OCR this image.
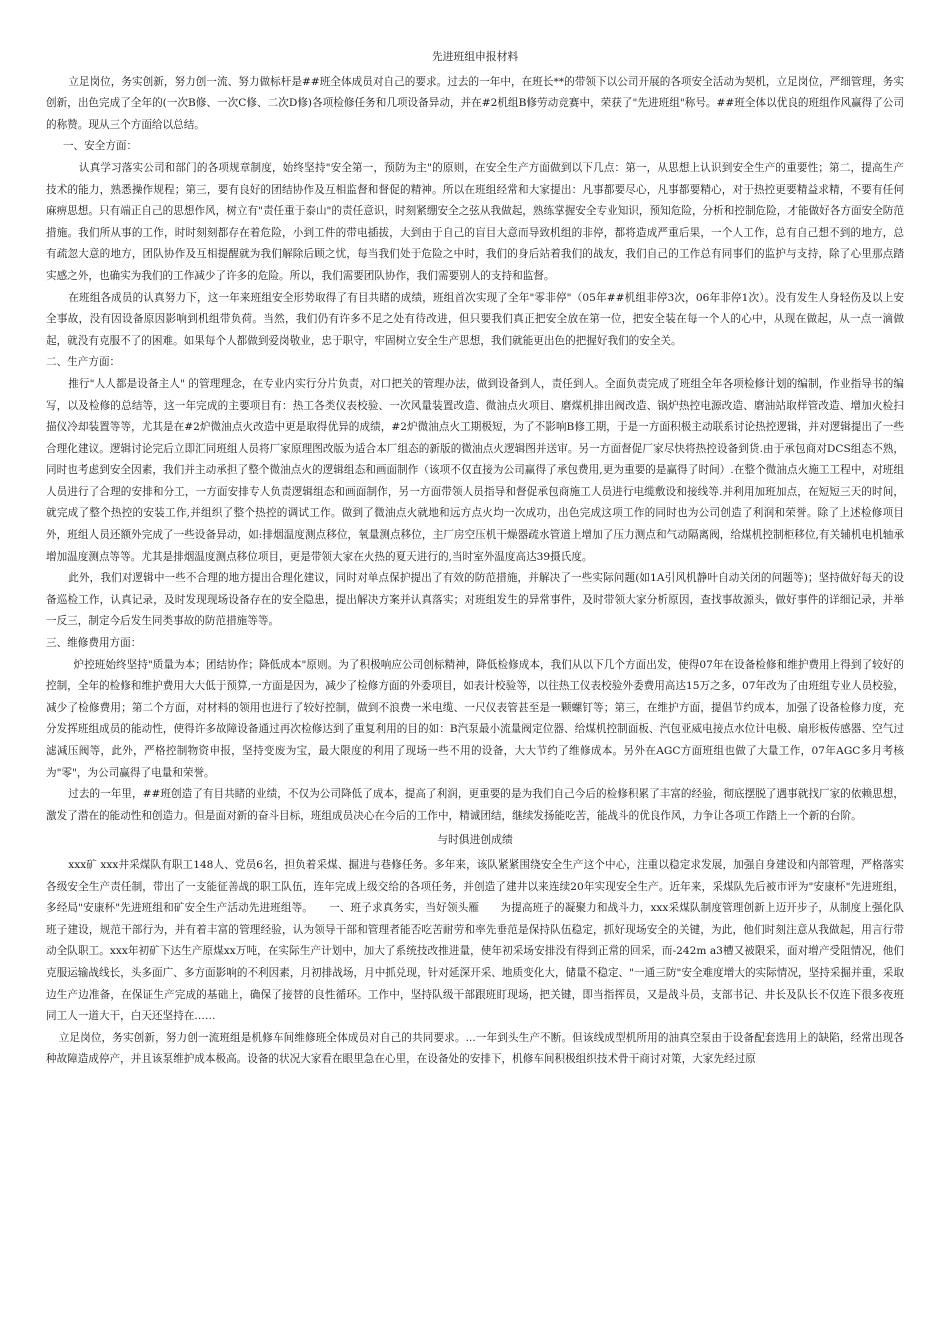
先进班组申报材料

立足岗位，务实创新，努力创一流、努力做标杆是##班全体成员对自己的要求。过去的一年中，在班长**的带领下以公司开展的各项安全活动为契机，立足岗位，严细管理，务实创新，出色完成了全年的(一次B修、一次C修、二次D修)各项检修任务和几项设备异动，并在#2机组B修劳动竞赛中，荣获了"先进班组"称号。##班全体以优良的班组作风赢得了公司的称赞。现从三个方面给以总结。

一、安全方面：

认真学习落实公司和部门的各项规章制度，始终坚持"安全第一，预防为主"的原则，在安全生产方面做到以下几点：第一，从思想上认识到安全生产的重要性；第二，提高生产技术的能力，熟悉操作规程；第三，要有良好的团结协作及互相监督和督促的精神。所以在班组经常和大家提出：凡事都要尽心，凡事都要精心，对于热控更要精益求精，不要有任何麻痹思想。只有端正自己的思想作风，树立有"责任重于泰山"的责任意识，时刻紧绷安全之弦从我做起，熟练掌握安全专业知识，预知危险，分析和控制危险，才能做好各方面安全防范措施。我们所从事的工作，时时刻刻都存在着危险，小到工件的带电插拔，大到由于自己的盲目大意而导致机组的非停，都将造成严重后果，一个人工作，总有自己想不到的地方，总有疏忽大意的地方，团队协作及互相提醒就为我们解除后顾之忧，每当我们处于危险之中时，我们的身后站着我们的战友，我们自己的工作总有同事们的监护与支持，除了心里那点踏实感之外，也确实为我们的工作减少了许多的危险。所以，我们需要团队协作，我们需要别人的支持和监督。

在班组各成员的认真努力下，这一年来班组安全形势取得了有目共睹的成绩，班组首次实现了全年"零非停"（05年##机组非停3次，06年非停1次）。没有发生人身轻伤及以上安全事故，没有因设备原因影响到机组带负荷。当然，我们仍有许多不足之处有待改进，但只要我们真正把安全放在第一位，把安全装在每一个人的心中，从现在做起，从一点一滴做起，就没有克服不了的困难。如果每个人都做到爱岗敬业，忠于职守，牢固树立安全生产思想，我们就能更出色的把握好我们的安全关。

二、生产方面：

推行"人人都是设备主人" 的管理理念，在专业内实行分片负责，对口把关的管理办法，做到设备到人，责任到人。全面负责完成了班组全年各项检修计划的编制，作业指导书的编写，以及检修的总结等，这一年完成的主要项目有：热工各类仪表校验、一次风量装置改造、微油点火项目、磨煤机排出阀改造、锅炉热控电源改造、磨油站取样管改造、增加火检扫描仪冷却装置等等，尤其是在#2炉微油点火改造中更是取得优异的成绩，#2炉微油点火工期极短，为了不影响B修工期，于是一方面积极主动联系讨论热控逻辑，并对逻辑提出了一些合理化建议。逻辑讨论完后立即汇同班组人员将厂家原理图改版为适合本厂组态的新版的微油点火逻辑图并送审。另一方面督促厂家尽快将热控设备到货.由于承包商对DCS组态不熟，同时也考虑到安全因素，我们并主动承担了整个微油点火的逻辑组态和画面制作（该项不仅直接为公司赢得了承包费用,更为重要的是赢得了时间）.在整个微油点火施工工程中，对班组人员进行了合理的安排和分工，一方面安排专人负责逻辑组态和画面制作，另一方面带领人员指导和督促承包商施工人员进行电缆敷设和接线等.并利用加班加点，在短短三天的时间，就完成了整个热控的安装工作,并组织了整个热控的调试工作。做到了微油点火就地和远方点火均一次成功，出色完成这项工作的同时也为公司创造了利润和荣誉。除了上述检修项目外，班组人员还额外完成了一些设备异动，如:排烟温度测点移位，氧量测点移位，主厂房空压机干燥器疏水管道上增加了压力测点和气动隔离阀，给煤机控制柜移位,有关辅机电机轴承增加温度测点等等。尤其是排烟温度测点移位项目，更是带领大家在火热的夏天进行的,当时室外温度高达39摄氏度。

此外，我们对逻辑中一些不合理的地方提出合理化建议，同时对单点保护提出了有效的防范措施，并解决了一些实际问题(如1A引风机静叶自动关闭的问题等)；坚持做好每天的设备巡检工作，认真记录，及时发现现场设备存在的安全隐患，提出解决方案并认真落实；对班组发生的异常事件，及时带领大家分析原因，查找事故源头，做好事件的详细记录，并举一反三，制定今后发生同类事故的防范措施等等。

三、维修费用方面：

炉控班始终坚持"质量为本；团结协作；降低成本"原则。为了积极响应公司创标精神，降低检修成本，我们从以下几个方面出发，使得07年在设备检修和维护费用上得到了较好的控制，全年的检修和维护费用大大低于预算,一方面是因为，减少了检修方面的外委项目，如表计校验等，以往热工仪表校验外委费用高达15万之多，07年改为了由班组专业人员校验，减少了检修费用；第二个方面，对材料的领用也进行了较好控制，做到不浪费一米电缆、一尺仪表管甚至是一颗螺钉等；第三，在维护方面，提倡节约成本，加强了设备检修力度，充分发挥班组成员的能动性，使得许多故障设备通过再次检修达到了重复利用的目的如：B汽泵最小流量阀定位器、给煤机控制面板、汽包亚威电接点水位计电极、扇形板传感器、空气过滤减压阀等，此外，严格控制物资申报，坚持变废为宝，最大限度的利用了现场一些不用的设备，大大节约了维修成本。另外在AGC方面班组也做了大量工作，07年AGC多月考核为"零"，为公司赢得了电量和荣誉。

过去的一年里，##班创造了有目共睹的业绩，不仅为公司降低了成本，提高了利润，更重要的是为我们自己今后的检修积累了丰富的经验，彻底摆脱了遇事就找厂家的依赖思想，激发了潜在的能动性和创造力。但是面对新的奋斗目标，班组成员决心在今后的工作中，精诚团结，继续发扬能吃苦，能战斗的优良作风，力争让各项工作踏上一个新的台阶。

与时俱进创成绩

xxx矿 xxx井采煤队有职工148人、党员6名，担负着采煤、掘进与巷修任务。多年来，该队紧紧围绕安全生产这个中心，注重以稳定求发展，加强自身建设和内部管理，严格落实各级安全生产责任制，带出了一支能征善战的职工队伍，连年完成上级交给的各项任务，并创造了建井以来连续20年实现安全生产。近年来，采煤队先后被市评为"安康杯"先进班组，多经局"安康杯"先进班组和矿安全生产活动先进班组等。　　一、班子求真务实，当好领头雁　　为提高班子的凝聚力和战斗力，xxx采煤队制度管理创新上迈开步子，从制度上强化队班子建设，规范干部行为，并有着丰富的管理经验，认为领导干部和管理者能否吃苦耐劳和率先垂范是保持队伍稳定，抓好现场安全的关键，为此，他们时刻注意从我做起，用言行带动全队职工。xxx年初矿下达生产原煤xx万吨，在实际生产计划中，加大了系统技改推进量，使年初采场安排没有得到正常的回采，而-242m a3槽又被限采，面对增产受阻情况，他们克服运输战线长，头多面广、多方面影响的不利因素，月初排战场，月中抓兑现，针对延深开采、地质变化大，储量不稳定、"一通三防"安全难度增大的实际情况，坚持采掘并重，采取边生产边准备，在保证生产完成的基础上，确保了接替的良性循环。工作中，坚持队级干部跟班盯现场，把关键，即当指挥员，又是战斗员，支部书记、井长及队长不仅连下很多夜班同工人一道大干，白天还坚持在……

立足岗位，务实创新，努力创一流班组是机修车间维修班全体成员对自己的共同要求。...一年到头生产不断。但该线成型机所用的油真空泵由于设备配套选用上的缺陷，经常出现各种故障造成停产，并且该泵维护成本极高。设备的状况大家看在眼里急在心里，在设备处的安排下，机修车间积极组织技术骨干商讨对策，大家先经过原
